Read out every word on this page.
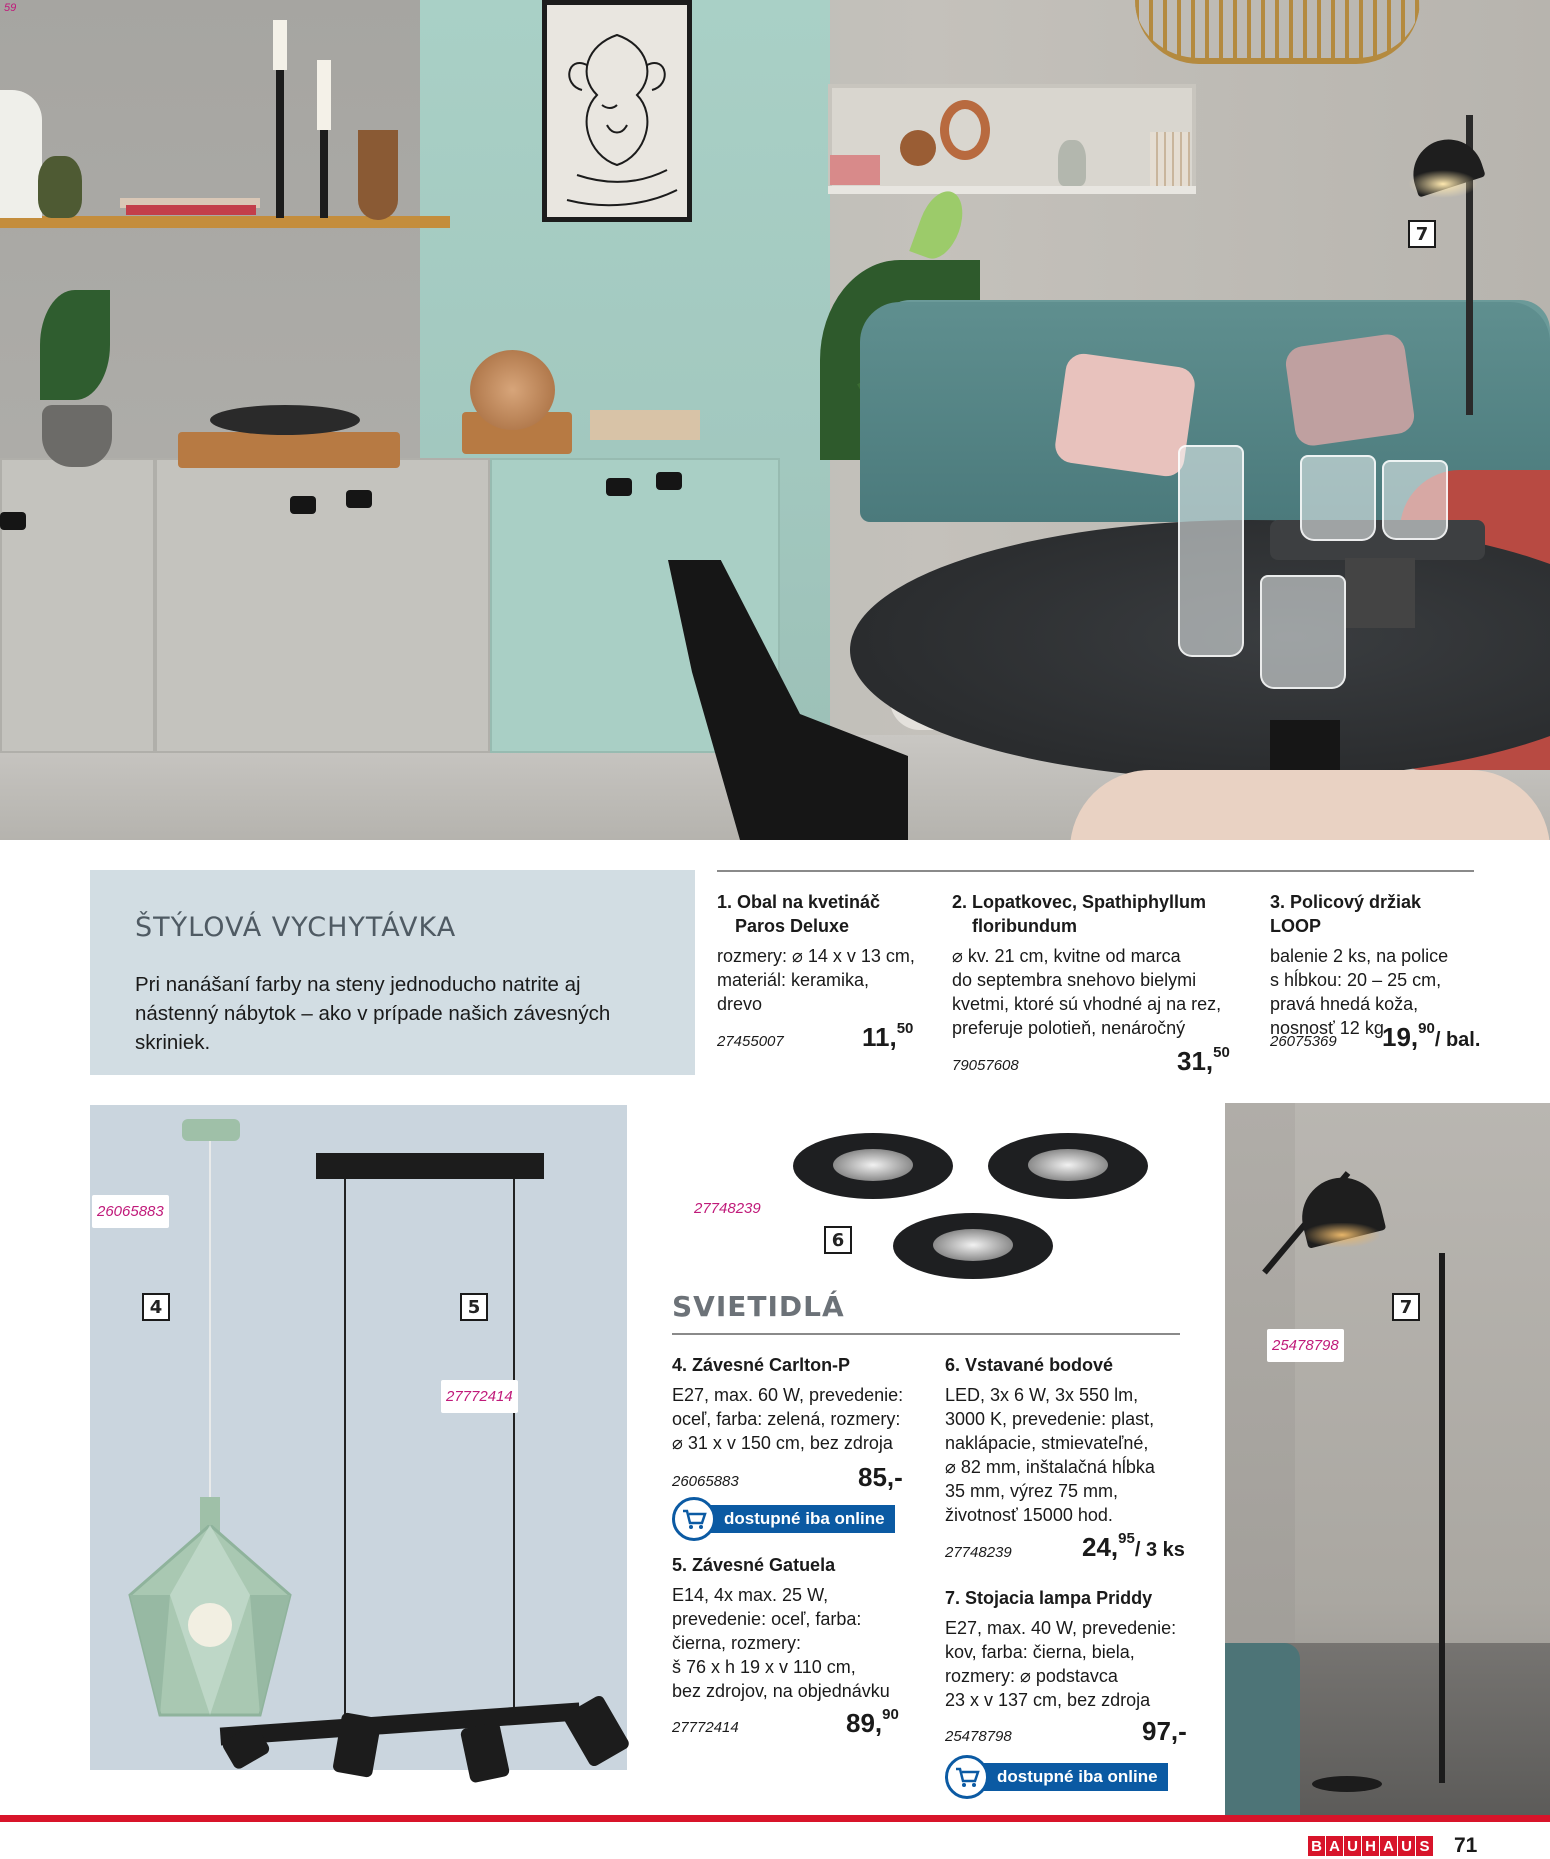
59
7
ŠTÝLOVÁ VYCHYTÁVKA
Pri nanášaní farby na steny jednoducho natrite aj nástenný nábytok – ako v prípade našich závesných skriniek.
1. Obal na kvetináč
Paros Deluxe
rozmery: ⌀ 14 x v 13 cm,
materiál: keramika,
drevo
27455007	11,50
2. Lopatkovec, Spathiphyllum
floribundum
⌀ kv. 21 cm, kvitne od marca
do septembra snehovo bielymi
kvetmi, ktoré sú vhodné aj na rez,
preferuje polotieň, nenáročný
79057608	31,50
3. Policový držiak LOOP
balenie 2 ks, na police
s hĺbkou: 20 – 25 cm,
pravá hnedá koža,
nosnosť 12 kg
26075369 19,90/ bal.
26065883
4
27772414
5
27748239
6
SVIETIDLÁ
4. Závesné Carlton-P
E27, max. 60 W, prevedenie:
oceľ, farba: zelená, rozmery:
⌀ 31 x v 150 cm, bez zdroja
26065883	85,-
dostupné iba online
5. Závesné Gatuela
E14, 4x max. 25 W,
prevedenie: oceľ, farba:
čierna, rozmery:
š 76 x h 19 x v 110 cm,
bez zdrojov, na objednávku
27772414	89,90
6. Vstavané bodové
LED, 3x 6 W, 3x 550 lm,
3000 K, prevedenie: plast,
naklápacie, stmievateľné,
⌀ 82 mm, inštalačná hĺbka
35 mm, výrez 75 mm,
životnosť 15000 hod.
27748239	24,95/ 3 ks
7. Stojacia lampa Priddy
E27, max. 40 W, prevedenie:
kov, farba: čierna, biela,
rozmery: ⌀ podstavca
23 x v 137 cm, bez zdroja
25478798	97,-
dostupné iba online
25478798
7
B A U H A U S 71
